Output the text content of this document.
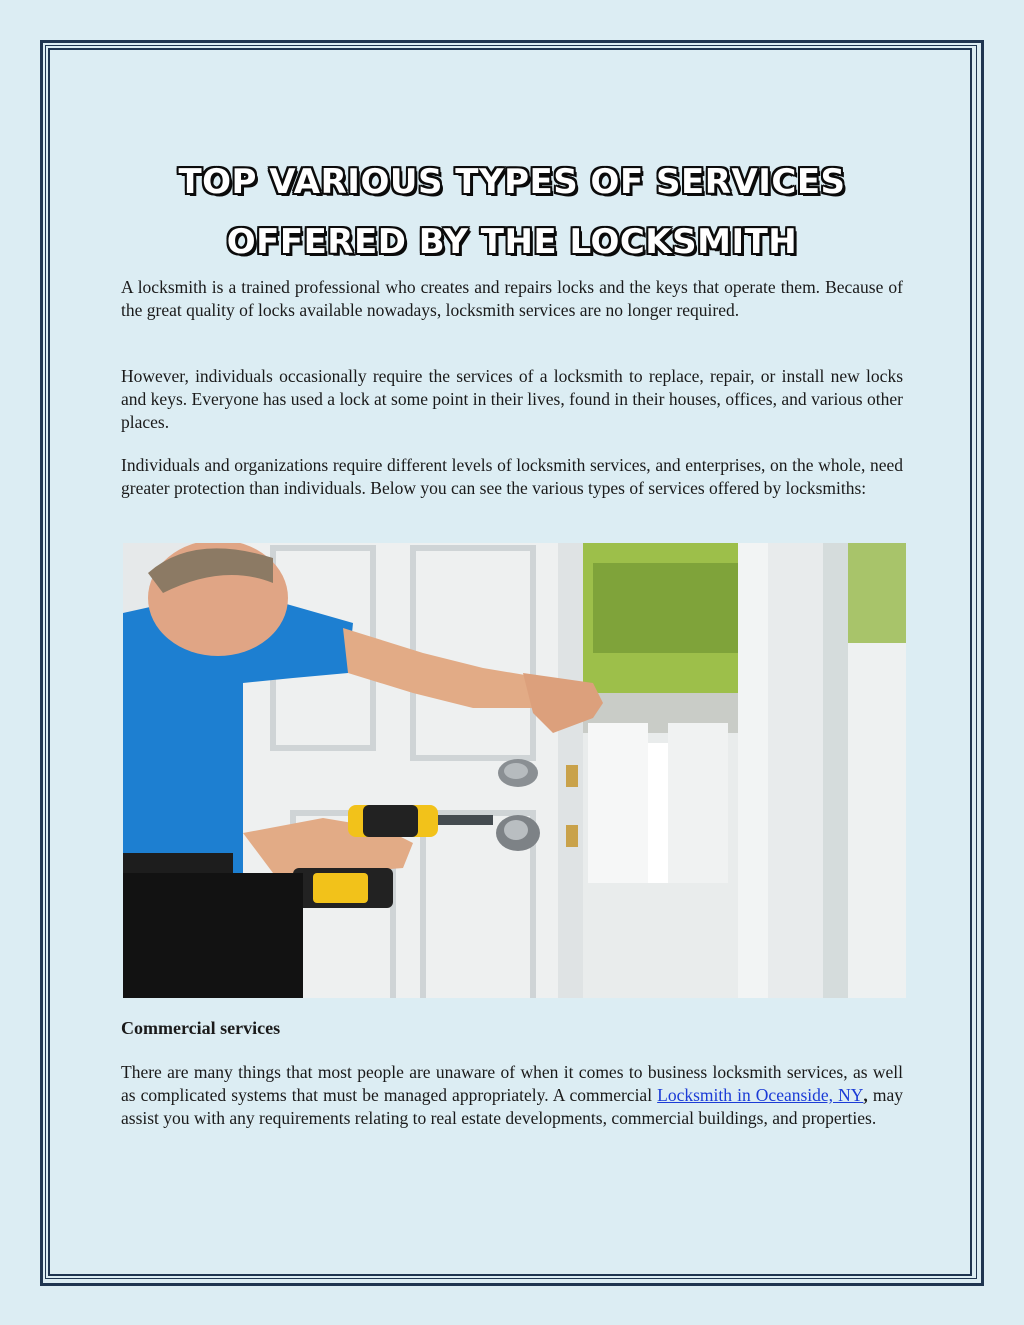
TOP VARIOUS TYPES OF SERVICES
OFFERED BY THE LOCKSMITH

A locksmith is a trained professional who creates and repairs locks and the keys that operate them. Because of the great quality of locks available nowadays, locksmith services are no longer required.

However, individuals occasionally require the services of a locksmith to replace, repair, or install new locks and keys. Everyone has used a lock at some point in their lives, found in their houses, offices, and various other places.

Individuals and organizations require different levels of locksmith services, and enterprises, on the whole, need greater protection than individuals. Below you can see the various types of services offered by locksmiths:

Commercial services

There are many things that most people are unaware of when it comes to business locksmith services, as well as complicated systems that must be managed appropriately. A commercial Locksmith in Oceanside, NY, may assist you with any requirements relating to real estate developments, commercial buildings, and properties.
